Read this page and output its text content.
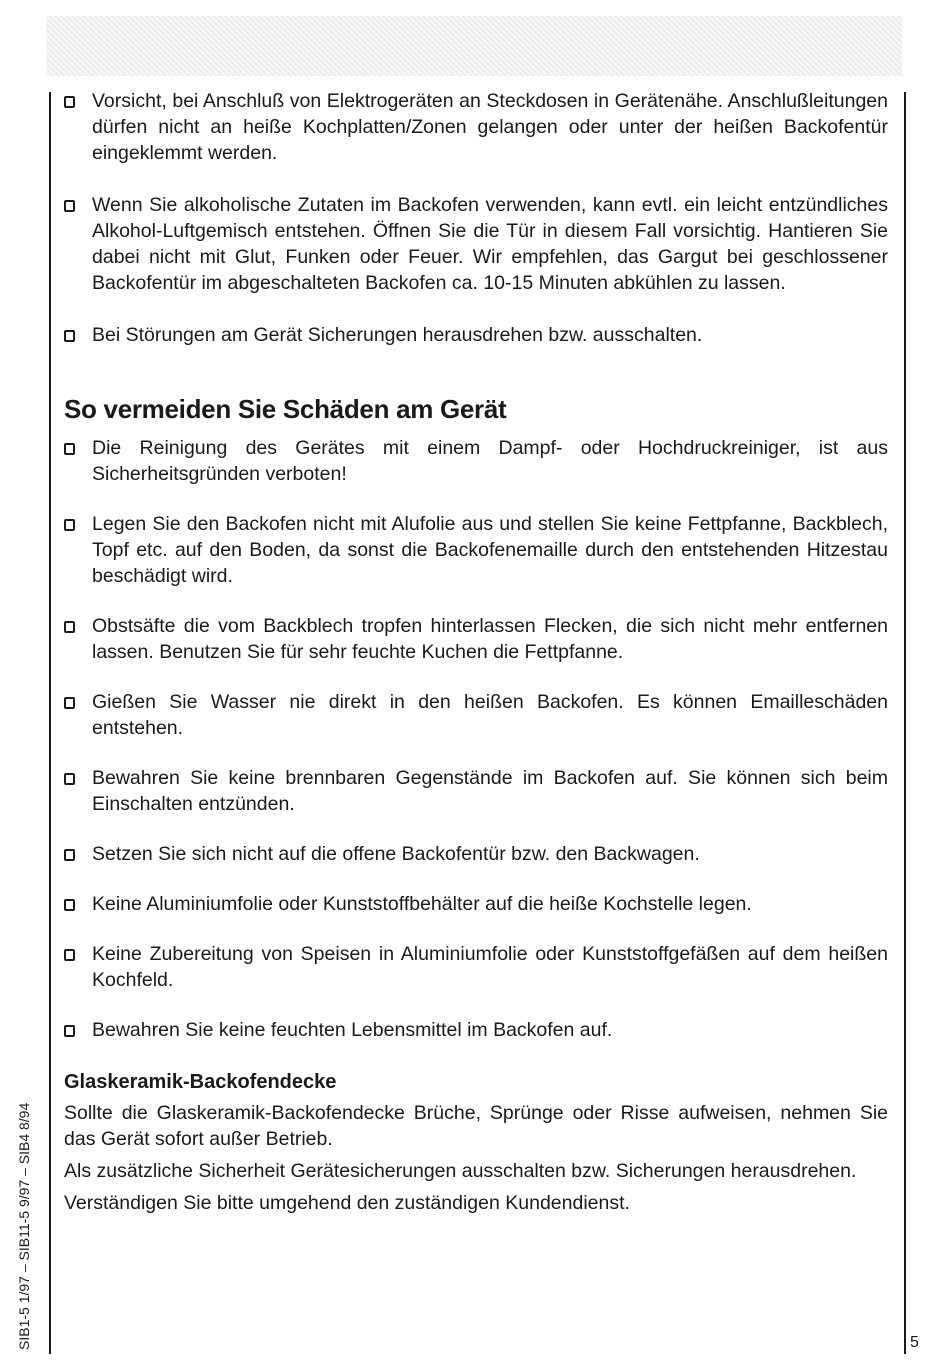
Vorsicht, bei Anschluß von Elektrogeräten an Steckdosen in Gerätenähe. Anschlußleitungen dürfen nicht an heiße Kochplatten/Zonen gelangen oder unter der heißen Backofentür eingeklemmt werden.
Wenn Sie alkoholische Zutaten im Backofen verwenden, kann evtl. ein leicht entzündliches Alkohol-Luftgemisch entstehen. Öffnen Sie die Tür in diesem Fall vorsichtig. Hantieren Sie dabei nicht mit Glut, Funken oder Feuer. Wir empfehlen, das Gargut bei geschlossener Backofentür im abgeschalteten Backofen ca. 10-15 Minuten abkühlen zu lassen.
Bei Störungen am Gerät Sicherungen herausdrehen bzw. ausschalten.
So vermeiden Sie Schäden am Gerät
Die Reinigung des Gerätes mit einem Dampf- oder Hochdruckreiniger, ist aus Sicherheitsgründen verboten!
Legen Sie den Backofen nicht mit Alufolie aus und stellen Sie keine Fettpfanne, Backblech, Topf etc. auf den Boden, da sonst die Backofenemaille durch den entstehenden Hitzestau beschädigt wird.
Obstsäfte die vom Backblech tropfen hinterlassen Flecken, die sich nicht mehr entfernen lassen. Benutzen Sie für sehr feuchte Kuchen die Fettpfanne.
Gießen Sie Wasser nie direkt in den heißen Backofen. Es können Emailleschäden entstehen.
Bewahren Sie keine brennbaren Gegenstände im Backofen auf. Sie können sich beim Einschalten entzünden.
Setzen Sie sich nicht auf die offene Backofentür bzw. den Backwagen.
Keine Aluminiumfolie oder Kunststoffbehälter auf die heiße Kochstelle legen.
Keine Zubereitung von Speisen in Aluminiumfolie oder Kunststoffgefäßen auf dem heißen Kochfeld.
Bewahren Sie keine feuchten Lebensmittel im Backofen auf.
Glaskeramik-Backofendecke

Sollte die Glaskeramik-Backofendecke Brüche, Sprünge oder Risse aufweisen, nehmen Sie das Gerät sofort außer Betrieb.

Als zusätzliche Sicherheit Gerätesicherungen ausschalten bzw. Sicherungen herausdrehen.

Verständigen Sie bitte umgehend den zuständigen Kundendienst.

SIB1-5 1/97 – SIB11-5 9/97 – SIB4 8/94	5
